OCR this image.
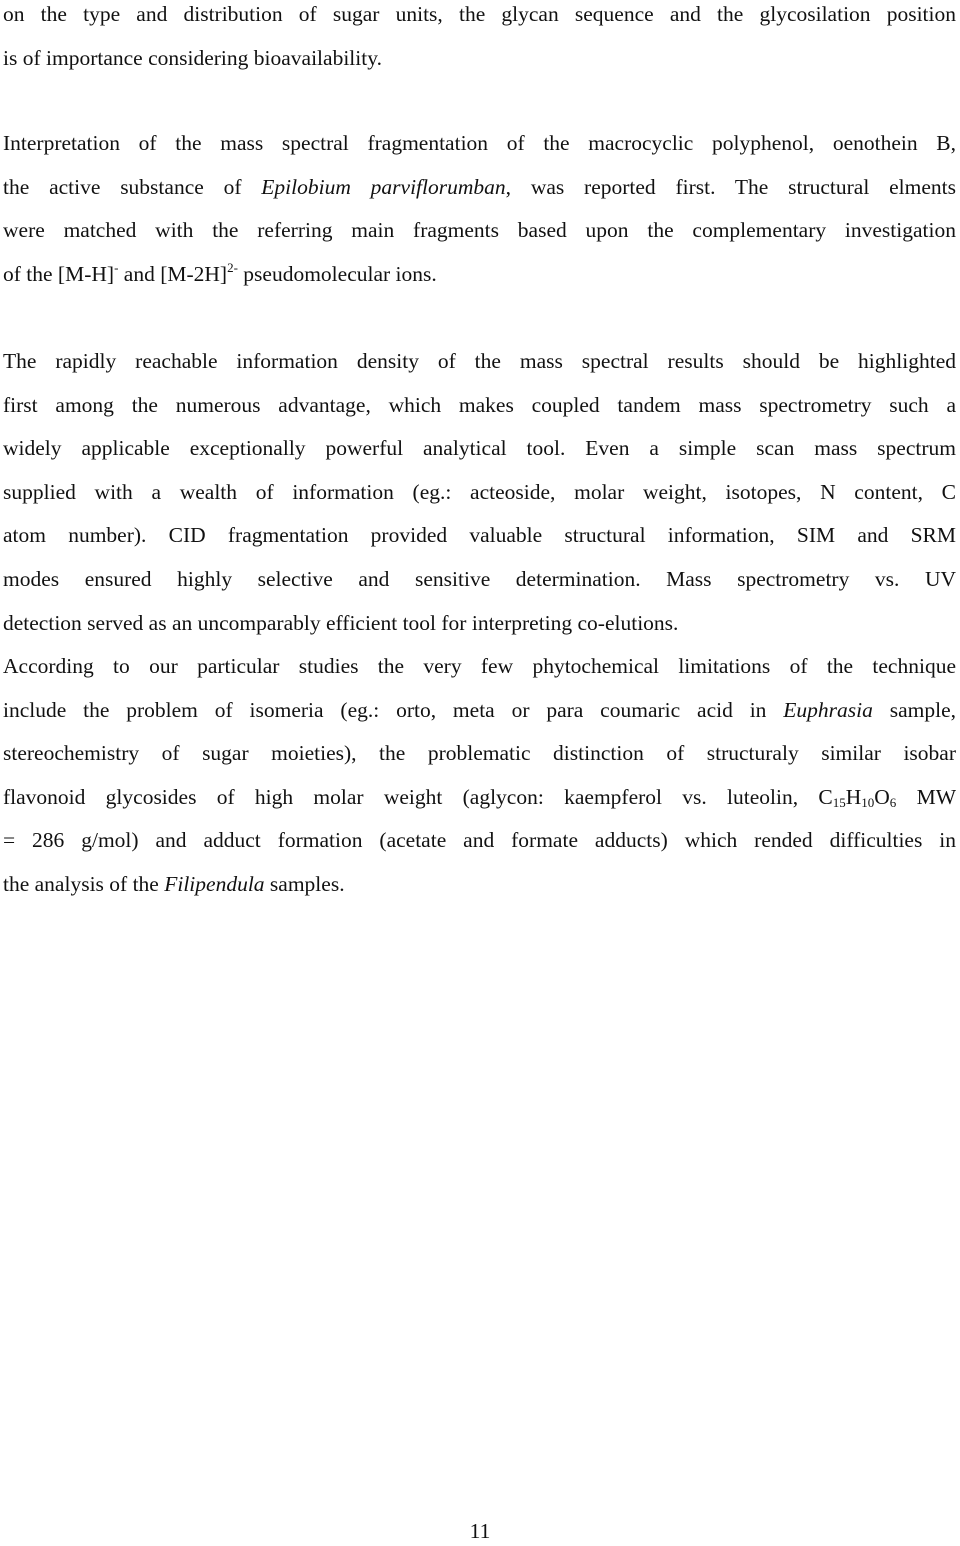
on the type and distribution of sugar units, the glycan sequence and the glycosilation position
is of importance considering bioavailability.

Interpretation of the mass spectral fragmentation of the macrocyclic polyphenol, oenothein B,
the active substance of Epilobium parviflorumban, was reported first. The structural elments
were matched with the referring main fragments based upon the complementary investigation
of the [M-H]- and $[M-2H]^{2-}$ pseudomolecular ions.

The rapidly reachable information density of the mass spectral results should be highlighted
first among the numerous advantage, which makes coupled tandem mass spectrometry such a
widely applicable exceptionally powerful analytical tool. Even a simple scan mass spectrum
supplied with a wealth of information (eg.: acteoside, molar weight, isotopes, N content, C
atom number). CID fragmentation provided valuable structural information, SIM and SRM
modes ensured highly selective and sensitive determination. Mass spectrometry vs. UV
detection served as an uncomparably efficient tool for interpreting co-elutions.

According to our particular studies the very few phytochemical limitations of the technique
include the problem of isomeria (eg.: orto, meta or para coumaric acid in Euphrasia sample,
stereochemistry of sugar moieties), the problematic distinction of structuraly similar isobar
flavonoid glycosides of high molar weight (aglycon: kaempferol vs. luteolin, $C_{15}H_{10}O_6$ MW
= 286 g/mol) and adduct formation (acetate and formate adducts) which rended difficulties in
the analysis of the Filipendula samples.

11
